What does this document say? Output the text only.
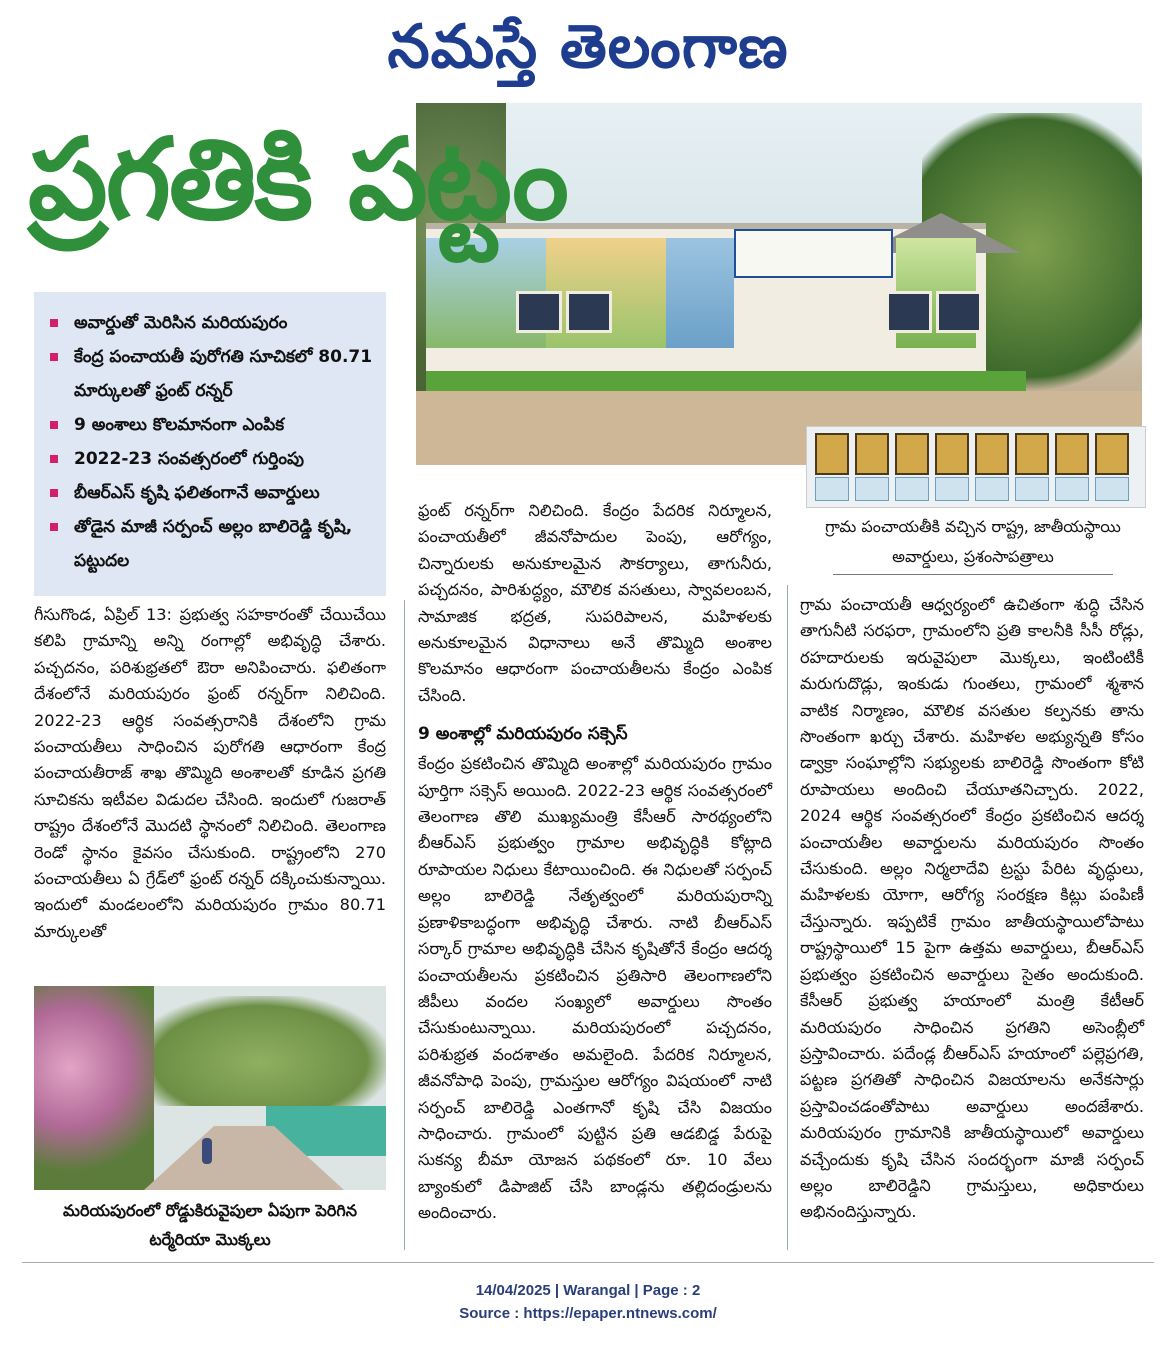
నమస్తే తెలంగాణ
ప్రగతికి పట్టం
గ్రామ పంచాయతీకి వచ్చిన రాష్ట్ర, జాతీయస్థాయి
అవార్డులు, ప్రశంసాపత్రాలు
అవార్డుతో మెరిసిన మరియపురం
కేంద్ర పంచాయతీ పురోగతి సూచికలో 80.71 మార్కులతో ఫ్రంట్ రన్నర్
9 అంశాలు కొలమానంగా ఎంపిక
2022-23 సంవత్సరంలో గుర్తింపు
బీఆర్ఎస్ కృషి ఫలితంగానే అవార్డులు
తోడైన మాజీ సర్పంచ్ అల్లం బాలిరెడ్డి కృషి, పట్టుదల

గీసుగొండ, ఏప్రిల్ 13: ప్రభుత్వ సహకారంతో చేయిచేయి కలిపి గ్రామాన్ని అన్ని రంగాల్లో అభివృద్ధి చేశారు. పచ్చదనం, పరిశుభ్రతలో ఔరా అనిపించారు. ఫలితంగా దేశంలోనే మరియపురం ఫ్రంట్ రన్నర్‌గా నిలిచింది. 2022-23 ఆర్థిక సంవత్సరానికి దేశంలోని గ్రామ పంచాయతీలు సాధించిన పురోగతి ఆధారంగా కేంద్ర పంచాయతీరాజ్ శాఖ తొమ్మిది అంశాలతో కూడిన ప్రగతి సూచికను ఇటీవల విడుదల చేసింది. ఇందులో గుజరాత్ రాష్ట్రం దేశంలోనే మొదటి స్థానంలో నిలిచింది. తెలంగాణ రెండో స్థానం కైవసం చేసుకుంది. రాష్ట్రంలోని 270 పంచాయతీలు ఏ గ్రేడ్‌లో ఫ్రంట్ రన్నర్ దక్కించుకున్నాయి. ఇందులో మండలంలోని మరియపురం గ్రామం 80.71 మార్కులతో

మరియపురంలో రోడ్డుకిరువైపులా ఏపుగా పెరిగిన
టర్మేరియా మొక్కలు

ఫ్రంట్ రన్నర్‌గా నిలిచింది. కేంద్రం పేదరిక నిర్మూలన, పంచాయతీలో జీవనోపాదుల పెంపు, ఆరోగ్యం, చిన్నారులకు అనుకూలమైన సౌకర్యాలు, తాగునీరు, పచ్చదనం, పారిశుద్ధ్యం, మౌలిక వసతులు, స్వావలంబన, సామాజిక భద్రత, సుపరిపాలన, మహిళలకు అనుకూలమైన విధానాలు అనే తొమ్మిది అంశాల కొలమానం ఆధారంగా పంచాయతీలను కేంద్రం ఎంపిక చేసింది.

9 అంశాల్లో మరియపురం సక్సెస్

కేంద్రం ప్రకటించిన తొమ్మిది అంశాల్లో మరియపురం గ్రామం పూర్తిగా సక్సెస్ అయింది. 2022-23 ఆర్థిక సంవత్సరంలో తెలంగాణ తొలి ముఖ్యమంత్రి కేసీఆర్ సారథ్యంలోని బీఆర్ఎస్ ప్రభుత్వం గ్రామాల అభివృద్ధికి కోట్లాది రూపాయల నిధులు కేటాయించింది. ఈ నిధులతో సర్పంచ్ అల్లం బాలిరెడ్డి నేతృత్వంలో మరియపురాన్ని ప్రణాళికాబద్ధంగా అభివృద్ధి చేశారు. నాటి బీఆర్ఎస్ సర్కార్ గ్రామాల అభివృద్ధికి చేసిన కృషితోనే కేంద్రం ఆదర్శ పంచాయతీలను ప్రకటించిన ప్రతిసారి తెలంగాణలోని జీపీలు వందల సంఖ్యలో అవార్డులు సొంతం చేసుకుంటున్నాయి. మరియపురంలో పచ్చదనం, పరిశుభ్రత వందశాతం అమలైంది. పేదరిక నిర్మూలన, జీవనోపాధి పెంపు, గ్రామస్తుల ఆరోగ్యం విషయంలో నాటి సర్పంచ్ బాలిరెడ్డి ఎంతగానో కృషి చేసి విజయం సాధించారు. గ్రామంలో పుట్టిన ప్రతి ఆడబిడ్డ పేరుపై సుకన్య బీమా యోజన పథకంలో రూ. 10 వేలు బ్యాంకులో డిపాజిట్ చేసి బాండ్లను తల్లిదండ్రులను అందించారు.

గ్రామ పంచాయతీ ఆధ్వర్యంలో ఉచితంగా శుద్ధి చేసిన తాగునీటి సరఫరా, గ్రామంలోని ప్రతి కాలనీకి సీసీ రోడ్లు, రహదారులకు ఇరువైపులా మొక్కలు, ఇంటింటికీ మరుగుదొడ్లు, ఇంకుడు గుంతలు, గ్రామంలో శ్మశాన వాటిక నిర్మాణం, మౌలిక వసతుల కల్పనకు తాను సొంతంగా ఖర్చు చేశారు. మహిళల అభ్యున్నతి కోసం డ్వాక్రా సంఘాల్లోని సభ్యులకు బాలిరెడ్డి సొంతంగా కోటి రూపాయలు అందించి చేయూతనిచ్చారు. 2022, 2024 ఆర్థిక సంవత్సరంలో కేంద్రం ప్రకటించిన ఆదర్శ పంచాయతీల అవార్డులను మరియపురం సొంతం చేసుకుంది. అల్లం నిర్మలాదేవి ట్రస్టు పేరిట వృద్ధులు, మహిళలకు యోగా, ఆరోగ్య సంరక్షణ కిట్లు పంపిణీ చేస్తున్నారు. ఇప్పటికే గ్రామం జాతీయస్థాయిలోపాటు రాష్ట్రస్థాయిలో 15 పైగా ఉత్తమ అవార్డులు, బీఆర్ఎస్ ప్రభుత్వం ప్రకటించిన అవార్డులు సైతం అందుకుంది. కేసీఆర్ ప్రభుత్వ హయాంలో మంత్రి కేటీఆర్ మరియపురం సాధించిన ప్రగతిని అసెంబ్లీలో ప్రస్తావించారు. పదేండ్ల బీఆర్ఎస్ హయాంలో పల్లెప్రగతి, పట్టణ ప్రగతితో సాధించిన విజయాలను అనేకసార్లు ప్రస్తావించడంతోపాటు అవార్డులు అందజేశారు. మరియపురం గ్రామానికి జాతీయస్థాయిలో అవార్డులు వచ్చేందుకు కృషి చేసిన సందర్భంగా మాజీ సర్పంచ్ అల్లం బాలిరెడ్డిని గ్రామస్తులు, అధికారులు అభినందిస్తున్నారు.

14/04/2025 | Warangal | Page : 2
Source : https://epaper.ntnews.com/
